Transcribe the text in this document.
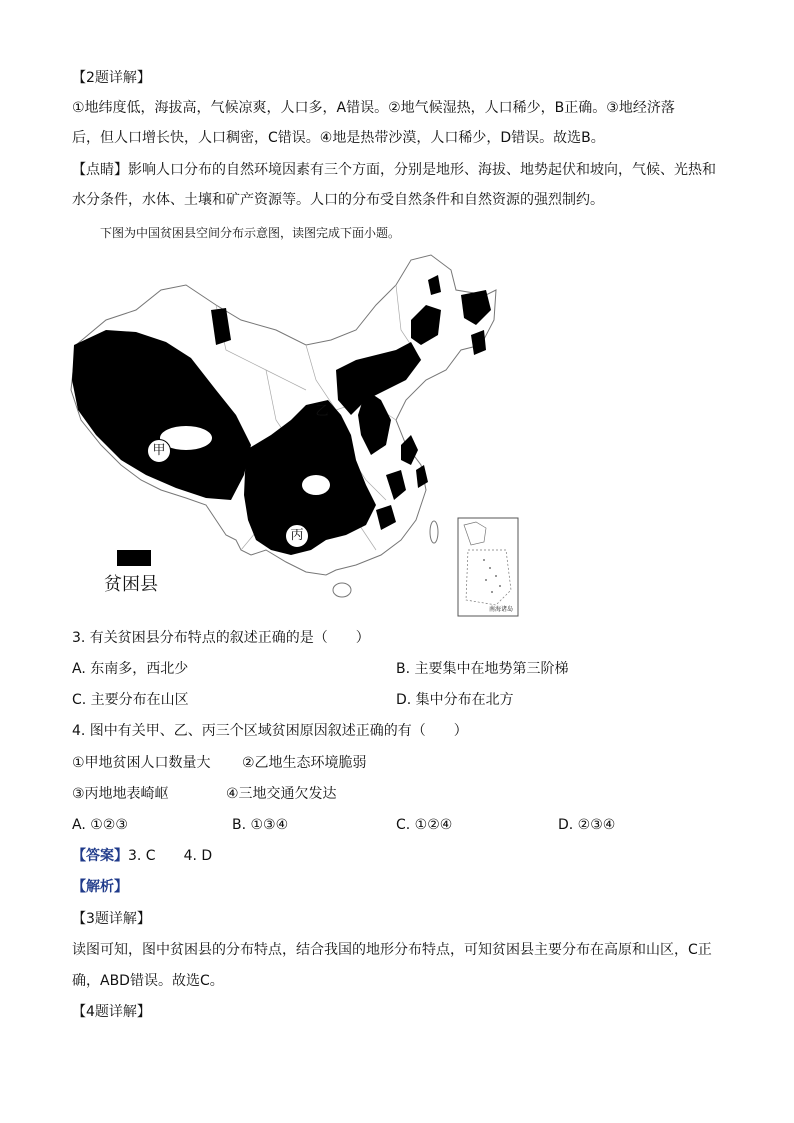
【2题详解】
①地纬度低，海拔高，气候凉爽，人口多，A错误。②地气候湿热，人口稀少，B正确。③地经济落
后，但人口增长快，人口稠密，C错误。④地是热带沙漠，人口稀少，D错误。故选B。
【点睛】影响人口分布的自然环境因素有三个方面，分别是地形、海拔、地势起伏和坡向，气候、光热和
水分条件，水体、土壤和矿产资源等。人口的分布受自然条件和自然资源的强烈制约。
下图为中国贫困县空间分布示意图，读图完成下面小题。
甲
乙
丙
南海诸岛
贫困县
3. 有关贫困县分布特点的叙述正确的是（　　）
A. 东南多，西北少	B. 主要集中在地势第三阶梯
C. 主要分布在山区	D. 集中分布在北方
4. 图中有关甲、乙、丙三个区域贫困原因叙述正确的有（　　）
①甲地贫困人口数量大 ②乙地生态环境脆弱
③丙地地表崎岖	④三地交通欠发达
A. ①②③	B. ①③④	C. ①②④	D. ②③④
【答案】3. C　　4. D
【解析】
【3题详解】
读图可知，图中贫困县的分布特点，结合我国的地形分布特点，可知贫困县主要分布在高原和山区，C正
确，ABD错误。故选C。
【4题详解】
